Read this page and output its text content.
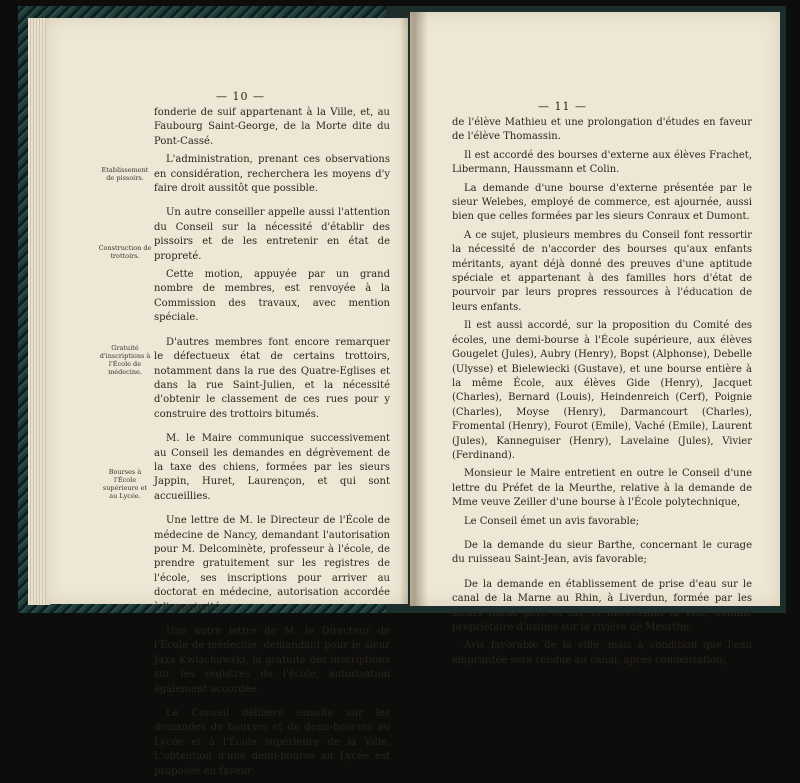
— 10 —

fonderie de suif appartenant à la Ville, et, au Faubourg Saint-George, de la Morte dite du Pont-Cassé.

L'administration, prenant ces observations en considération, recherchera les moyens d'y faire droit aussitôt que possible.

Un autre conseiller appelle aussi l'attention du Conseil sur la nécessité d'établir des pissoirs et de les entretenir en état de propreté.

Cette motion, appuyée par un grand nombre de membres, est renvoyée à la Commission des travaux, avec mention spéciale.

D'autres membres font encore remarquer le défectueux état de certains trottoirs, notamment dans la rue des Quatre-Eglises et dans la rue Saint-Julien, et la nécessité d'obtenir le classement de ces rues pour y construire des trottoirs bitumés.

M. le Maire communique successivement au Conseil les demandes en dégrèvement de la taxe des chiens, formées par les sieurs Jappin, Huret, Laurençon, et qui sont accueillies.

Une lettre de M. le Directeur de l'École de médecine de Nancy, demandant l'autorisation pour M. Delcominète, professeur à l'école, de prendre gratuitement sur les registres de l'école, ses inscriptions pour arriver au doctorat en médecine, autorisation accordée à l'unanimité.

Une autre lettre de M. le Directeur de l'École de médecine, demandant pour le sieur Jaxa Kwiachowski, la gratuité des inscriptions sur les registres de l'école, autorisation également accordée.

Le Conseil délibère ensuite sur les demandes de bourses et de demi-bourses au Lycée et à l'École supérieure de la Ville. L'obtention d'une demi-bourse au Lycée est proposée en faveur

Etablissement de pissoirs.
Construction de trottoirs.
Gratuité d'inscriptions à l'École de médecine.
Bourses à l'École supérieure et au Lycée.
— 11 —

de l'élève Mathieu et une prolongation d'études en faveur de l'élève Thomassin.

Il est accordé des bourses d'externe aux élèves Frachet, Libermann, Haussmann et Colin.

La demande d'une bourse d'externe présentée par le sieur Welebes, employé de commerce, est ajournée, aussi bien que celles formées par les sieurs Conraux et Dumont.

A ce sujet, plusieurs membres du Conseil font ressortir la nécessité de n'accorder des bourses qu'aux enfants méritants, ayant déjà donné des preuves d'une aptitude spéciale et appartenant à des familles hors d'état de pourvoir par leurs propres ressources à l'éducation de leurs enfants.

Il est aussi accordé, sur la proposition du Comité des écoles, une demi-bourse à l'École supérieure, aux élèves Gougelet (Jules), Aubry (Henry), Bopst (Alphonse), Debelle (Ulysse) et Bielewiecki (Gustave), et une bourse entière à la même École, aux élèves Gide (Henry), Jacquet (Charles), Bernard (Louis), Heindenreich (Cerf), Poignie (Charles), Moyse (Henry), Darmancourt (Charles), Fromental (Henry), Fourot (Emile), Vaché (Emile), Laurent (Jules), Kanneguiser (Henry), Lavelaine (Jules), Vivier (Ferdinand).

Monsieur le Maire entretient en outre le Conseil d'une lettre du Préfet de la Meurthe, relative à la demande de Mme veuve Zeiller d'une bourse à l'École polytechnique,

Le Conseil émet un avis favorable;

De la demande du sieur Barthe, concernant le curage du ruisseau Saint-Jean, avis favorable;

De la demande en établissement de prise d'eau sur le canal de la Marne au Rhin, à Liverdun, formée par les sieurs Barbe père et fils, et intéressant la Ville, comme propriétaire d'usines sur la rivière de Meurthe,

Avis favorable de la ville, mais à condition que l'eau empruntée sera rendue au canal, après condensation;
